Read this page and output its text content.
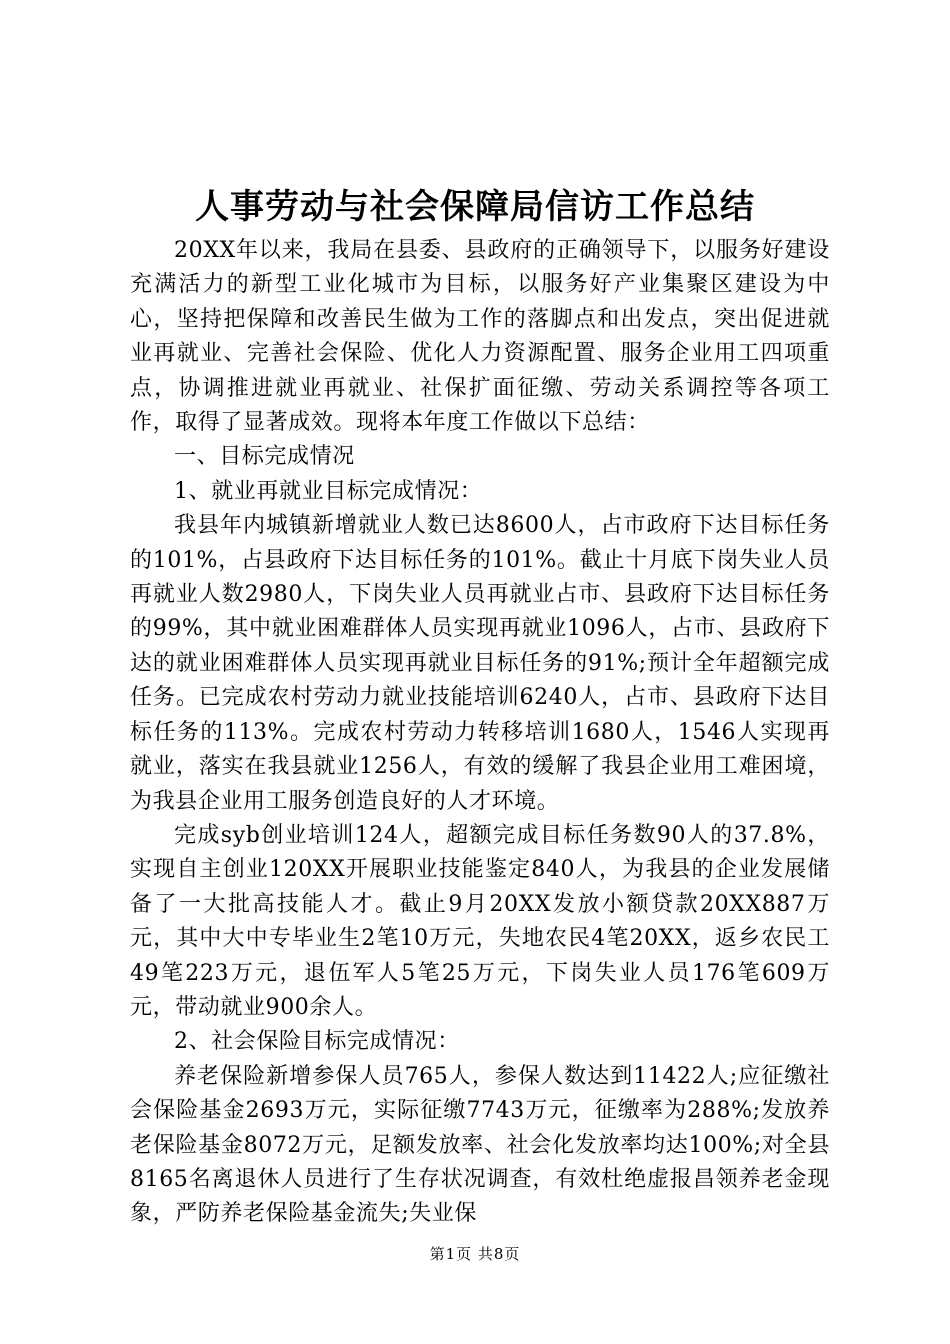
人事劳动与社会保障局信访工作总结

20XX年以来，我局在县委、县政府的正确领导下，以服务好建设充满活力的新型工业化城市为目标，以服务好产业集聚区建设为中心，坚持把保障和改善民生做为工作的落脚点和出发点，突出促进就业再就业、完善社会保险、优化人力资源配置、服务企业用工四项重点，协调推进就业再就业、社保扩面征缴、劳动关系调控等各项工作，取得了显著成效。现将本年度工作做以下总结：

一、目标完成情况

1、就业再就业目标完成情况：

我县年内城镇新增就业人数已达8600人，占市政府下达目标任务的101%，占县政府下达目标任务的101%。截止十月底下岗失业人员再就业人数2980人，下岗失业人员再就业占市、县政府下达目标任务的99%，其中就业困难群体人员实现再就业1096人，占市、县政府下达的就业困难群体人员实现再就业目标任务的91%;预计全年超额完成任务。已完成农村劳动力就业技能培训6240人，占市、县政府下达目标任务的113%。完成农村劳动力转移培训1680人，1546人实现再就业，落实在我县就业1256人，有效的缓解了我县企业用工难困境，为我县企业用工服务创造良好的人才环境。

完成syb创业培训124人，超额完成目标任务数90人的37.8%，实现自主创业120XX开展职业技能鉴定840人，为我县的企业发展储备了一大批高技能人才。截止9月20XX发放小额贷款20XX887万元，其中大中专毕业生2笔10万元，失地农民4笔20XX，返乡农民工49笔223万元，退伍军人5笔25万元，下岗失业人员176笔609万元，带动就业900余人。

2、社会保险目标完成情况：

养老保险新增参保人员765人，参保人数达到11422人;应征缴社会保险基金2693万元，实际征缴7743万元，征缴率为288%;发放养老保险基金8072万元，足额发放率、社会化发放率均达100%;对全县8165名离退休人员进行了生存状况调查，有效杜绝虚报昌领养老金现象，严防养老保险基金流失;失业保

第1页 共8页
